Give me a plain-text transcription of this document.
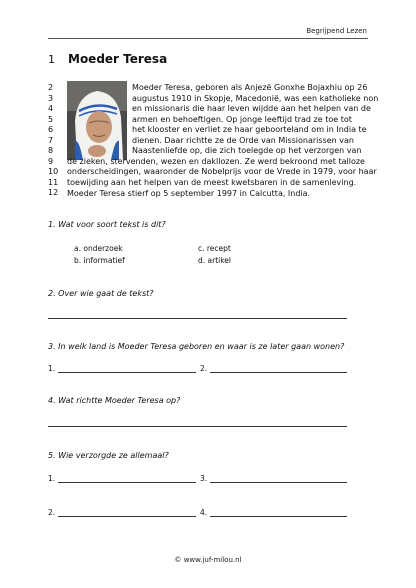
Begrijpend Lezen
1 Moeder Teresa
2
3
4
5
6
7
8
9
10
11
12
Moeder Teresa, geboren als Anjezë Gonxhe Bojaxhiu op 26
augustus 1910 in Skopje, Macedonië, was een katholieke non
en missionaris die haar leven wijdde aan het helpen van de
armen en behoeftigen. Op jonge leeftijd trad ze toe tot
het klooster en verliet ze haar geboorteland om in India te
dienen. Daar richtte ze de Orde van Missionarissen van
Naastenliefde op, die zich toelegde op het verzorgen van
de zieken, stervenden, wezen en dakllozen. Ze werd bekroond met talloze
onderscheidingen, waaronder de Nobelprijs voor de Vrede in 1979, voor haar
toewijding aan het helpen van de meest kwetsbaren in de samenleving.
Moeder Teresa stierf op 5 september 1997 in Calcutta, India.
1. Wat voor soort tekst is dit?
a. onderzoek
b. informatief
c. recept
d. artikel
2. Over wie gaat de tekst?
3. In welk land is Moeder Teresa geboren en waar is ze later gaan wonen?
1.	2.
4. Wat richtte Moeder Teresa op?
5. Wie verzorgde ze allemaal?
1.	3.
2.	4.
© www.juf-milou.nl
